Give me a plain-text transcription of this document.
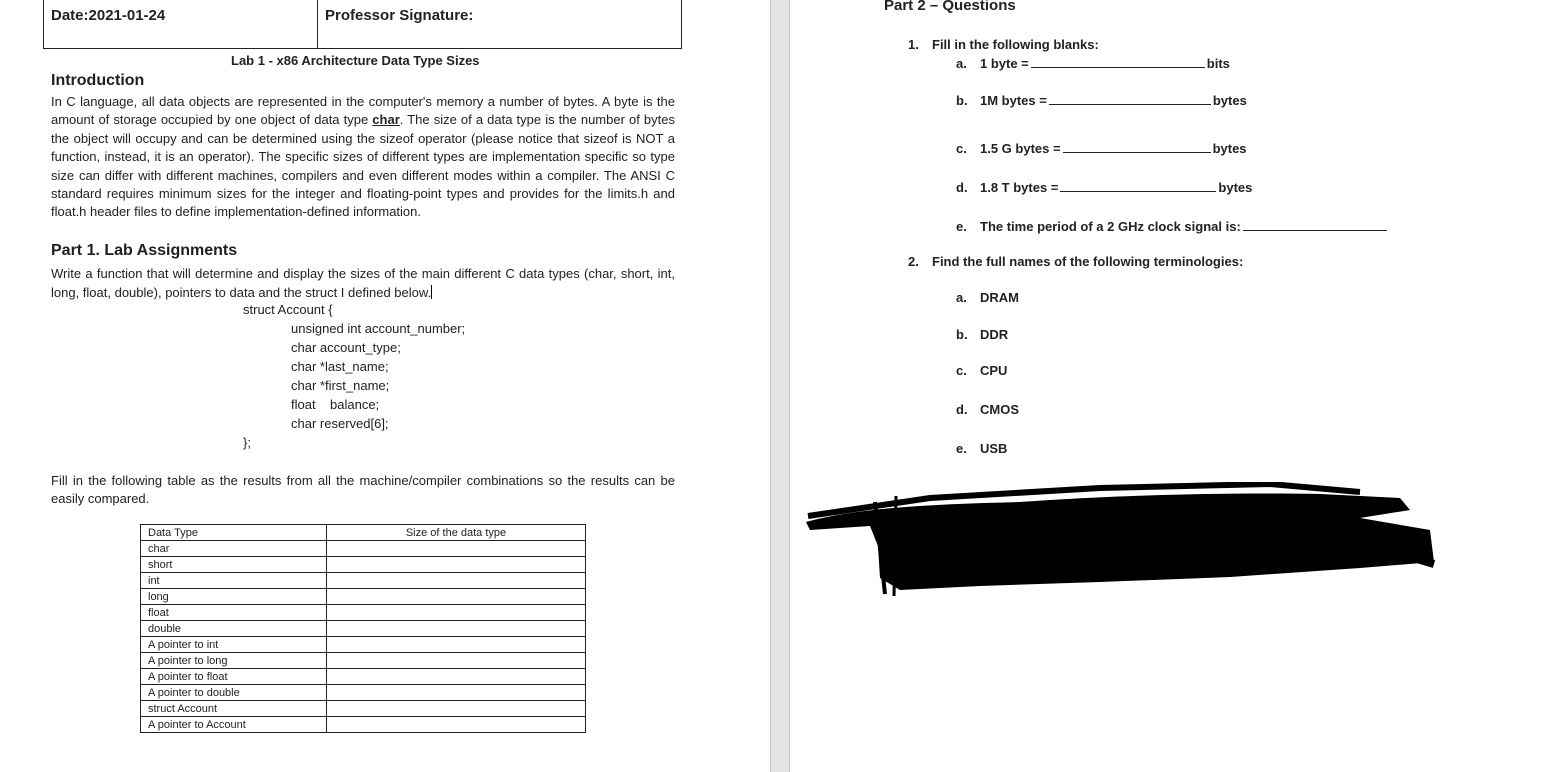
Date:2021-01-24	Professor Signature:
Lab 1 - x86 Architecture Data Type Sizes
Introduction
In C language, all data objects are represented in the computer's memory a number of bytes. A byte is the amount of storage occupied by one object of data type char. The size of a data type is the number of bytes the object will occupy and can be determined using the sizeof operator (please notice that sizeof is NOT a function, instead, it is an operator). The specific sizes of different types are implementation specific so type size can differ with different machines, compilers and even different modes within a compiler. The ANSI C standard requires minimum sizes for the integer and floating-point types and provides for the limits.h and float.h header files to define implementation-defined information.
Part 1. Lab Assignments
Write a function that will determine and display the sizes of the main different C data types (char, short, int, long, float, double), pointers to data and the struct I defined below.
struct Account {
unsigned int account_number;
char account_type;
char *last_name;
char *first_name;
float    balance;
char reserved[6];
};
Fill in the following table as the results from all the machine/compiler combinations so the results can be easily compared.
Data Type	Size of the data type
char	
short	
int	
long	
float	
double	
A pointer to int	
A pointer to long	
A pointer to float	
A pointer to double	
struct Account	
A pointer to Account	
Part 2 – Questions
1. Fill in the following blanks:
a. 1 byte =	bits
b. 1M bytes =	bytes
c. 1.5 G bytes =	bytes
d. 1.8 T bytes =	bytes
e. The time period of a 2 GHz clock signal is:
2. Find the full names of the following terminologies:
a. DRAM
b. DDR
c. CPU
d. CMOS
e. USB
